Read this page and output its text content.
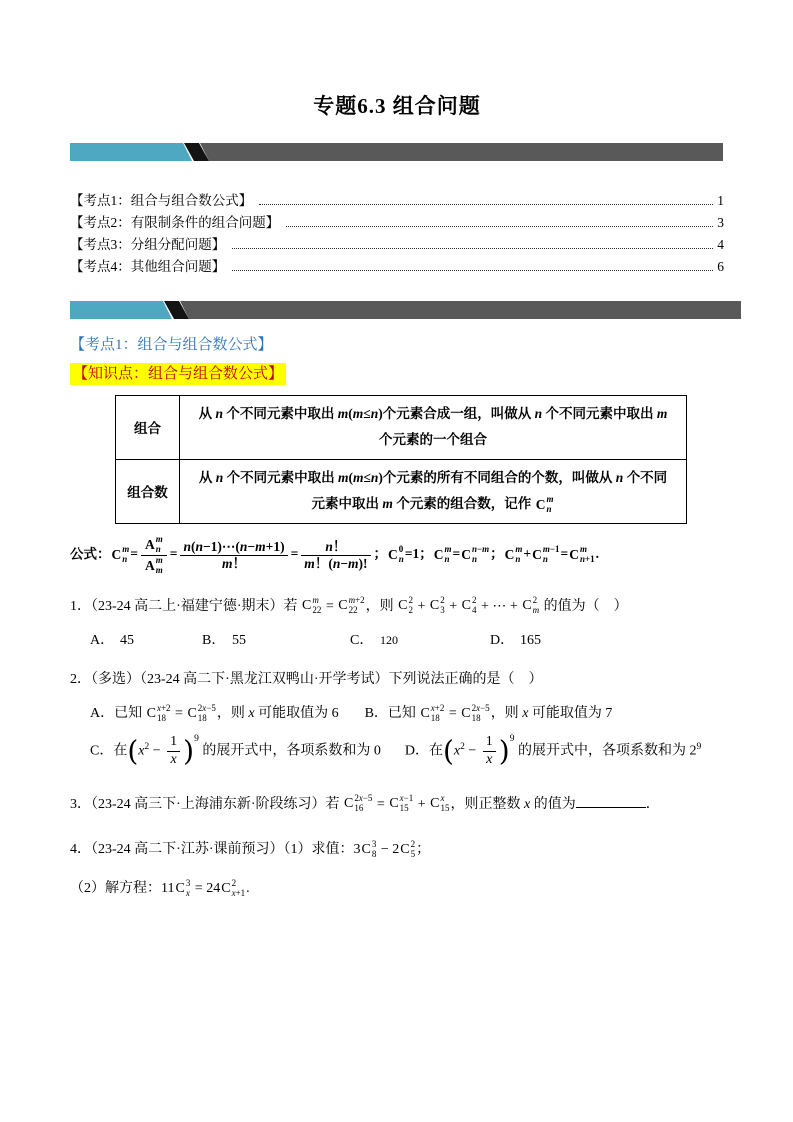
专题6.3 组合问题
【考点1：组合与组合数公式】	1
【考点2：有限制条件的组合问题】	3
【考点3：分组分配问题】	4
【考点4：其他组合问题】	6
【考点1：组合与组合数公式】
【知识点：组合与组合数公式】
组合	从 n 个不同元素中取出 m(m≤n)个元素合成一组，叫做从 n 个不同元素中取出 m 个元素的一个组合
组合数	从 n 个不同元素中取出 m(m≤n)个元素的所有不同组合的个数，叫做从 n 个不同元素中取出 m 个元素的组合数，记作 C m
n
公式： C m
n = A m
n
A m
$m = \frac{n(n-1)\cdots(n-m+1)}{m!} = \frac{n!}{m!(n-m)!}$ ； C 0
n =1； C m
n = C n−m
n ； C m
n + C m−1
n = C m
n+1 .
1．（23-24 高二上·福建宁德·期末）若 C m
22 = C m+2
22 ，则 C 2
2 + C 2
3 + C 2
4 + ⋯ + C 2
m 的值为（　）
A． 45	B． 55	C． 120	D． 165
2．（多选）（23-24 高二下·黑龙江双鸭山·开学考试）下列说法正确的是（　）
A．已知 C x+2
18 = C 2x−5
18 ，则 x 可能取值为 6 B．已知 C x+2
18 = C 2x−5
18 ，则 x 可能取值为 7
C．在$(x^2 - \frac{1}{x} )^9$ 的展开式中，各项系数和为 0 D．在$(x^2 - \frac{1}{x} )^9$ 的展开式中，各项系数和为 $2^9$
3．（23-24 高三下·上海浦东新·阶段练习）若 C 2x−5
16 = C x−1
15 + C x
15 ，则正整数 x 的值为	．
4．（23-24 高二下·江苏·课前预习）（1）求值：3 C 3
8 − 2 C 2
5 ；
（2）解方程：11 C 3
x = 24 C 2
x+1 .
